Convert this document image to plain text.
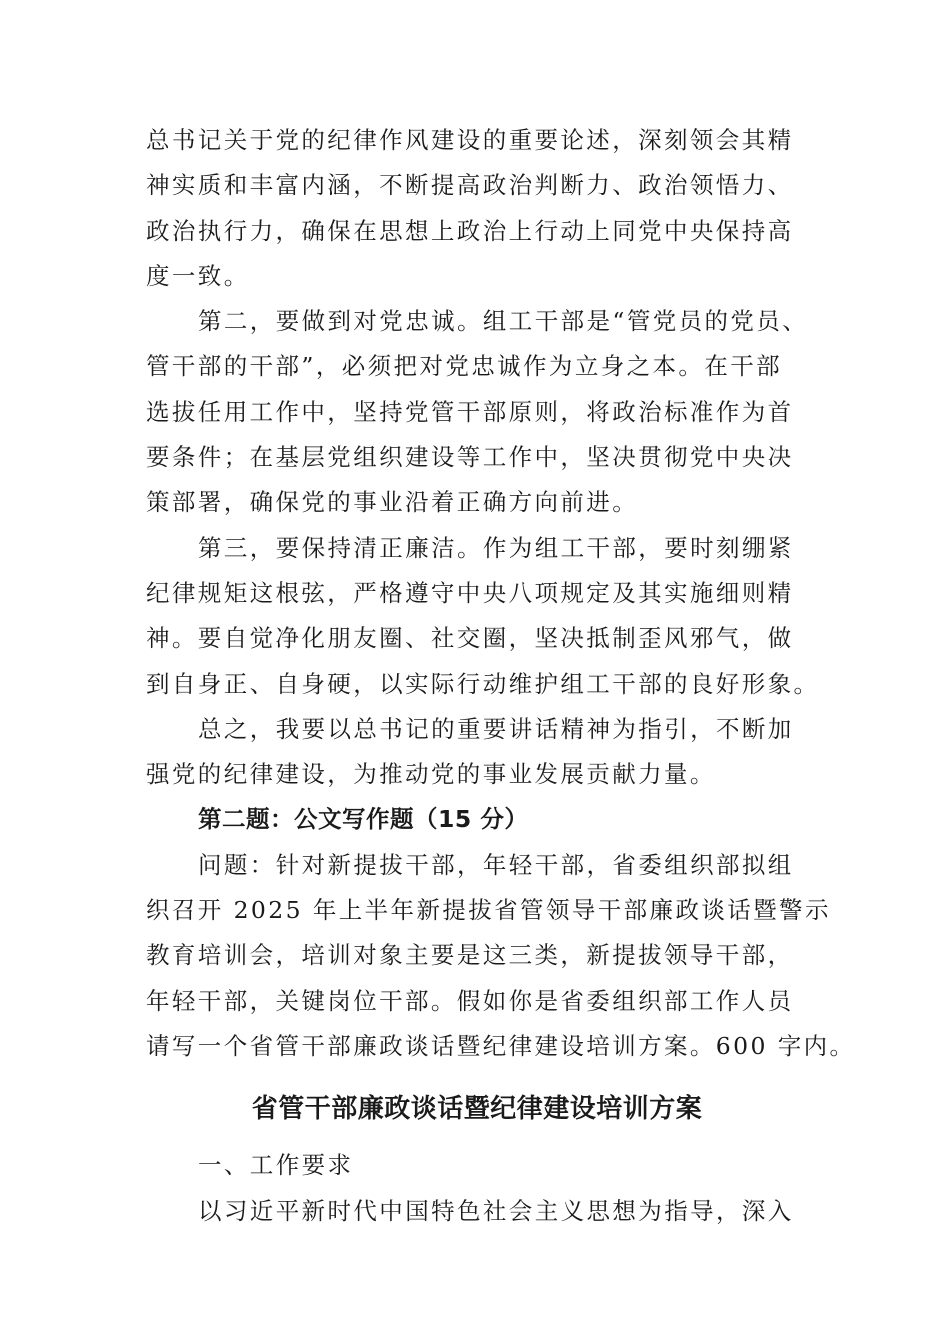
总书记关于党的纪律作风建设的重要论述，深刻领会其精
神实质和丰富内涵，不断提高政治判断力、政治领悟力、
政治执行力，确保在思想上政治上行动上同党中央保持高
度一致。
第二，要做到对党忠诚。组工干部是“管党员的党员、
管干部的干部”，必须把对党忠诚作为立身之本。在干部
选拔任用工作中，坚持党管干部原则，将政治标准作为首
要条件；在基层党组织建设等工作中，坚决贯彻党中央决
策部署，确保党的事业沿着正确方向前进。
第三，要保持清正廉洁。作为组工干部，要时刻绷紧
纪律规矩这根弦，严格遵守中央八项规定及其实施细则精
神。要自觉净化朋友圈、社交圈，坚决抵制歪风邪气，做
到自身正、自身硬，以实际行动维护组工干部的良好形象。
总之，我要以总书记的重要讲话精神为指引，不断加
强党的纪律建设，为推动党的事业发展贡献力量。
第二题：公文写作题（15 分）
问题：针对新提拔干部，年轻干部，省委组织部拟组
织召开 2025 年上半年新提拔省管领导干部廉政谈话暨警示
教育培训会，培训对象主要是这三类，新提拔领导干部，
年轻干部，关键岗位干部。假如你是省委组织部工作人员
请写一个省管干部廉政谈话暨纪律建设培训方案。600 字内。
省管干部廉政谈话暨纪律建设培训方案
一、工作要求
以习近平新时代中国特色社会主义思想为指导，深入
